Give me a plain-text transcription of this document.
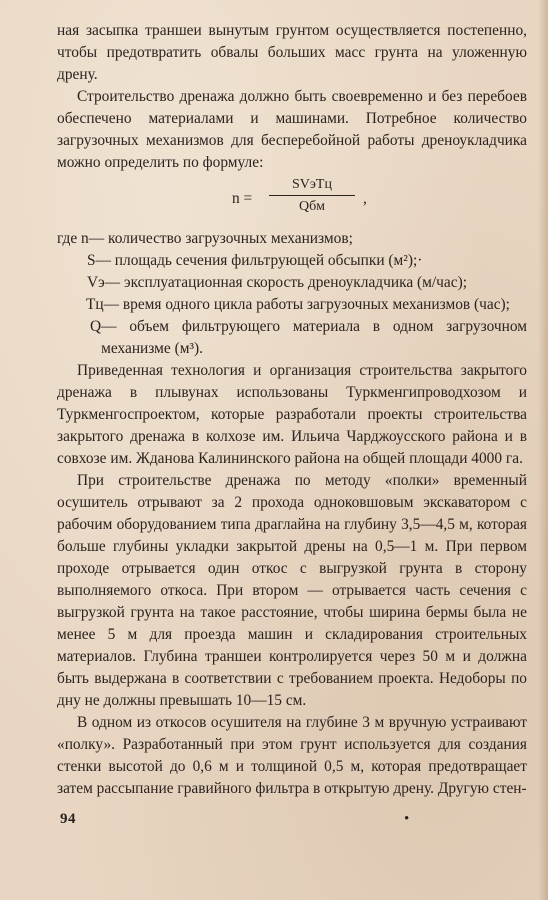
ная засыпка траншеи вынутым грунтом осуществляется постепенно, чтобы предотвратить обвалы больших масс грунта на уложенную дрену.

Строительство дренажа должно быть своевременно и без перебоев обеспечено материалами и машинами. Потребное количество загрузочных механизмов для бесперебойной работы дреноукладчика можно определить по формуле:

n =
SVэTц
Qбм	,
где n — количество загрузочных механизмов;
S — площадь сечения фильтрующей обсыпки (м²);·
Vэ — эксплуатационная скорость дреноукладчика (м/час);
Tц — время одного цикла работы загрузочных механизмов (час);
Q — объем фильтрующего материала в одном загрузочном механизме (м³).

Приведенная технология и организация строительства закрытого дренажа в плывунах использованы Туркменгипроводхозом и Туркменгоспроектом, которые разработали проекты строительства закрытого дренажа в колхозе им. Ильича Чарджоусского района и в совхозе им. Жданова Калининского района на общей площади 4000 га.

При строительстве дренажа по методу «полки» временный осушитель отрывают за 2 прохода одноковшовым экскаватором с рабочим оборудованием типа драглайна на глубину 3,5—4,5 м, которая больше глубины укладки закрытой дрены на 0,5—1 м. При первом проходе отрывается один откос с выгрузкой грунта в сторону выполняемого откоса. При втором — отрывается часть сечения с выгрузкой грунта на такое расстояние, чтобы ширина бермы была не менее 5 м для проезда машин и складирования строительных материалов. Глубина траншеи контролируется через 50 м и должна быть выдержана в соответствии с требованием проекта. Недоборы по дну не должны превышать 10—15 см.

В одном из откосов осушителя на глубине 3 м вручную устраивают «полку». Разработанный при этом грунт используется для создания стенки высотой до 0,6 м и толщиной 0,5 м, которая предотвращает затем рассыпание гравийного фильтра в открытую дрену. Другую стен-

94	•
